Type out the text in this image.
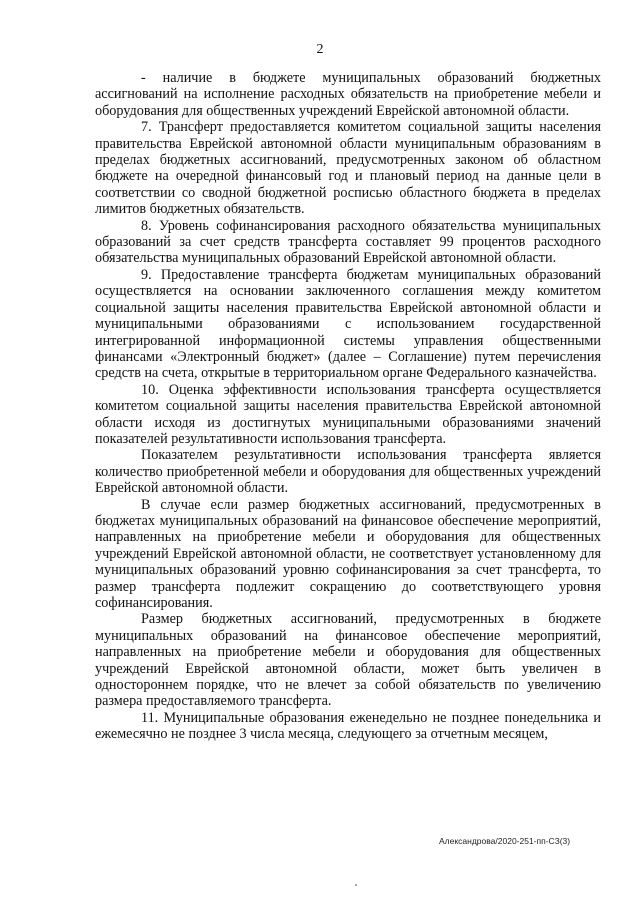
2

- наличие в бюджете муниципальных образований бюджетных ассигнований на исполнение расходных обязательств на приобретение мебели и оборудования для общественных учреждений Еврейской автономной области.

7. Трансферт предоставляется комитетом социальной защиты населения правительства Еврейской автономной области муниципальным образованиям в пределах бюджетных ассигнований, предусмотренных законом об областном бюджете на очередной финансовый год и плановый период на данные цели в соответствии со сводной бюджетной росписью областного бюджета в пределах лимитов бюджетных обязательств.

8. Уровень софинансирования расходного обязательства муниципальных образований за счет средств трансферта составляет 99 процентов расходного обязательства муниципальных образований Еврейской автономной области.

9. Предоставление трансферта бюджетам муниципальных образований осуществляется на основании заключенного соглашения между комитетом социальной защиты населения правительства Еврейской автономной области и муниципальными образованиями с использованием государственной интегрированной информационной системы управления общественными финансами «Электронный бюджет» (далее – Соглашение) путем перечисления средств на счета, открытые в территориальном органе Федерального казначейства.

10. Оценка эффективности использования трансферта осуществляется комитетом социальной защиты населения правительства Еврейской автономной области исходя из достигнутых муниципальными образованиями значений показателей результативности использования трансферта.

Показателем результативности использования трансферта является количество приобретенной мебели и оборудования для общественных учреждений Еврейской автономной области.

В случае если размер бюджетных ассигнований, предусмотренных в бюджетах муниципальных образований на финансовое обеспечение мероприятий, направленных на приобретение мебели и оборудования для общественных учреждений Еврейской автономной области, не соответствует установленному для муниципальных образований уровню софинансирования за счет трансферта, то размер трансферта подлежит сокращению до соответствующего уровня софинансирования.

Размер бюджетных ассигнований, предусмотренных в бюджете муниципальных образований на финансовое обеспечение мероприятий, направленных на приобретение мебели и оборудования для общественных учреждений Еврейской автономной области, может быть увеличен в одностороннем порядке, что не влечет за собой обязательств по увеличению размера предоставляемого трансферта.

11. Муниципальные образования еженедельно не позднее понедельника и ежемесячно не позднее 3 числа месяца, следующего за отчетным месяцем,

Александрова/2020-251-пп-СЗ(3)
